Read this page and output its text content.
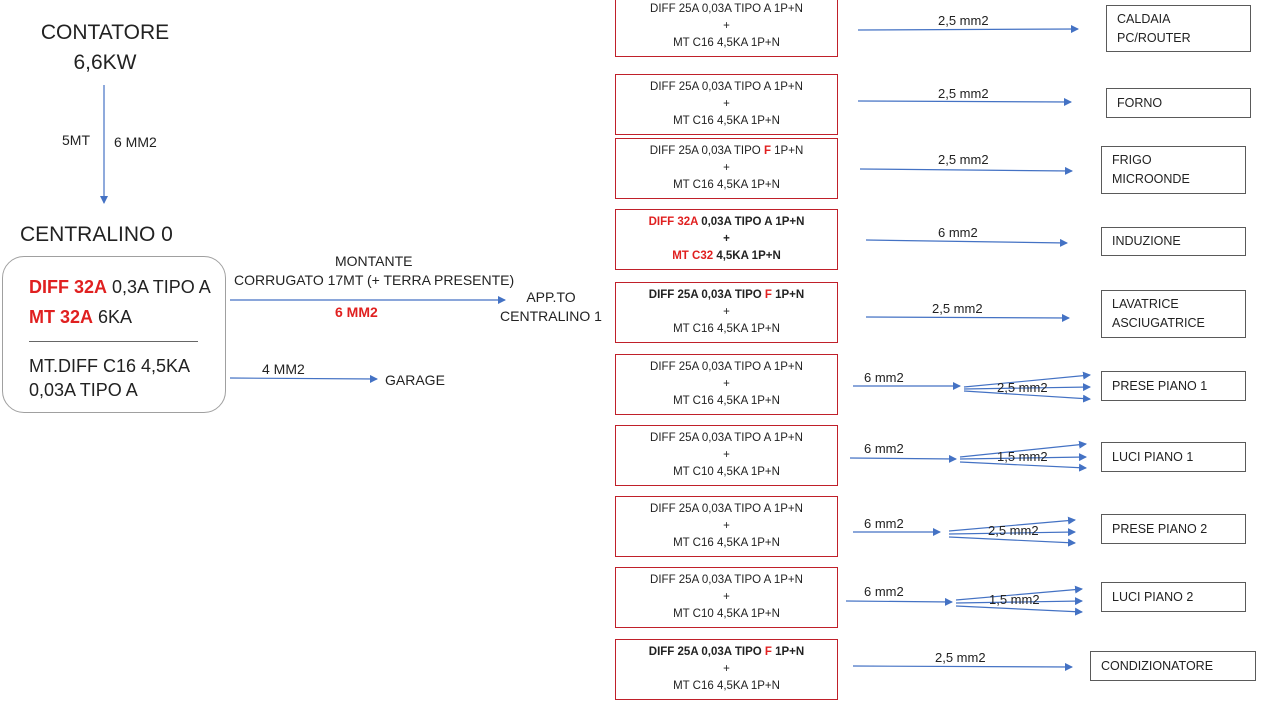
CONTATORE
6,6KW
5MT 6 MM2
CENTRALINO 0
DIFF 32A 0,3A TIPO A
MT 32A 6KA
MT.DIFF C16 4,5KA
0,03A TIPO A
MONTANTE
CORRUGATO 17MT (+ TERRA PRESENTE)
6 MM2
4 MM2
GARAGE
APP.TO
CENTRALINO 1
DIFF 25A 0,03A TIPO A 1P+N
+
MT C16 4,5KA 1P+N
DIFF 25A 0,03A TIPO A 1P+N
+
MT C16 4,5KA 1P+N
DIFF 25A 0,03A TIPO F 1P+N
+
MT C16 4,5KA 1P+N
DIFF 32A 0,03A TIPO A 1P+N
+
MT C32 4,5KA 1P+N
DIFF 25A 0,03A TIPO F 1P+N
+
MT C16 4,5KA 1P+N
DIFF 25A 0,03A TIPO A 1P+N
+
MT C16 4,5KA 1P+N
DIFF 25A 0,03A TIPO A 1P+N
+
MT C10 4,5KA 1P+N
DIFF 25A 0,03A TIPO A 1P+N
+
MT C16 4,5KA 1P+N
DIFF 25A 0,03A TIPO A 1P+N
+
MT C10 4,5KA 1P+N
DIFF 25A 0,03A TIPO F 1P+N
+
MT C16 4,5KA 1P+N
2,5 mm2
2,5 mm2
2,5 mm2
6 mm2
2,5 mm2
6 mm2
2,5 mm2
6 mm2
1,5 mm2
6 mm2	2,5 mm2
6 mm2
1,5 mm2
2,5 mm2
CALDAIA
PC/ROUTER
FORNO
FRIGO
MICROONDE
INDUZIONE
LAVATRICE
ASCIUGATRICE
PRESE PIANO 1
LUCI PIANO 1
PRESE PIANO 2
LUCI PIANO 2
CONDIZIONATORE
